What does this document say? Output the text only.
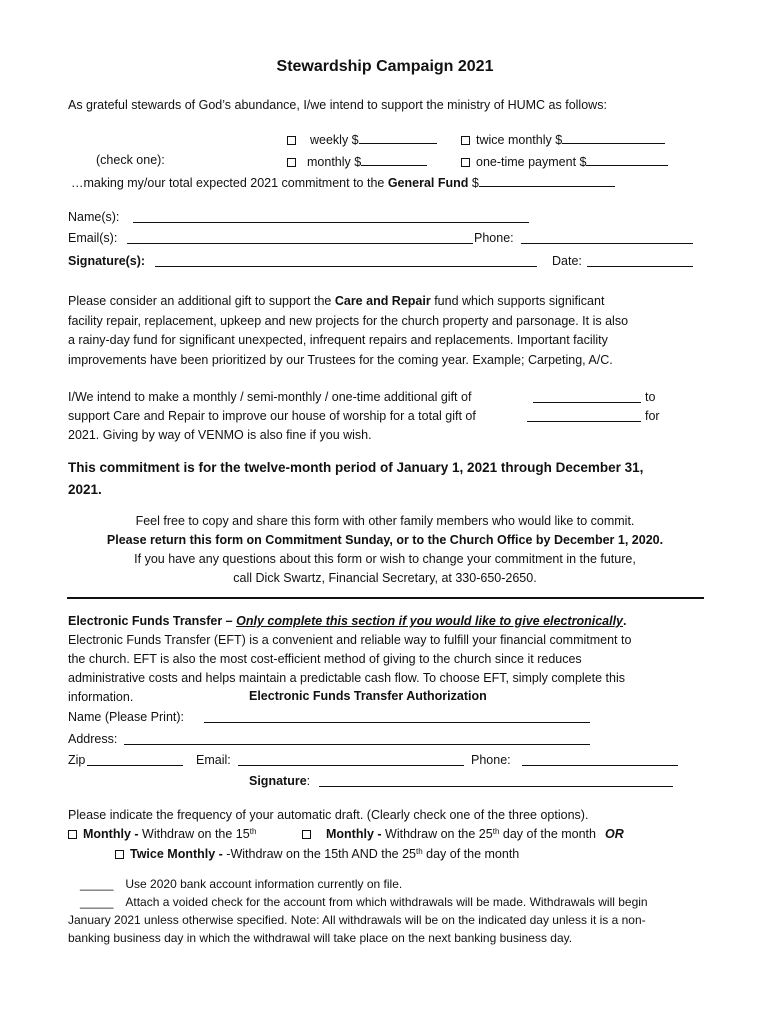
Stewardship Campaign 2021
As grateful stewards of God’s abundance, I/we intend to support the ministry of HUMC as follows:
weekly $	twice monthly $
(check one):	monthly $	one-time payment $
…making my/our total expected 2021 commitment to the General Fund $
Name(s):
Email(s):	Phone:
Signature(s):	Date:
Please consider an additional gift to support the Care and Repair fund which supports significant
facility repair, replacement, upkeep and new projects for the church property and parsonage. It is also
a rainy-day fund for significant unexpected, infrequent repairs and replacements. Important facility
improvements have been prioritized by our Trustees for the coming year. Example; Carpeting, A/C.
I/We intend to make a monthly / semi-monthly / one-time additional gift of	to
support Care and Repair to improve our house of worship for a total gift of	for
2021. Giving by way of VENMO is also fine if you wish.
This commitment is for the twelve-month period of January 1, 2021 through December 31,
2021.
Feel free to copy and share this form with other family members who would like to commit.
Please return this form on Commitment Sunday, or to the Church Office by December 1, 2020.
If you have any questions about this form or wish to change your commitment in the future,
call Dick Swartz, Financial Secretary, at 330-650-2650.
Electronic Funds Transfer – Only complete this section if you would like to give electronically.
Electronic Funds Transfer (EFT) is a convenient and reliable way to fulfill your financial commitment to
the church. EFT is also the most cost-efficient method of giving to the church since it reduces
administrative costs and helps maintain a predictable cash flow. To choose EFT, simply complete this
information.	Electronic Funds Transfer Authorization
Name (Please Print):
Address:
Zip	Email:	Phone:
Signature:
Please indicate the frequency of your automatic draft. (Clearly check one of the three options).
Monthly - Withdraw on the 15th	Monthly - Withdraw on the 25th day of the month OR
Twice Monthly - -Withdraw on the 15th AND the 25th day of the month
_____ Use 2020 bank account information currently on file.
_____ Attach a voided check for the account from which withdrawals will be made. Withdrawals will begin
January 2021 unless otherwise specified. Note: All withdrawals will be on the indicated day unless it is a non-
banking business day in which the withdrawal will take place on the next banking business day.
